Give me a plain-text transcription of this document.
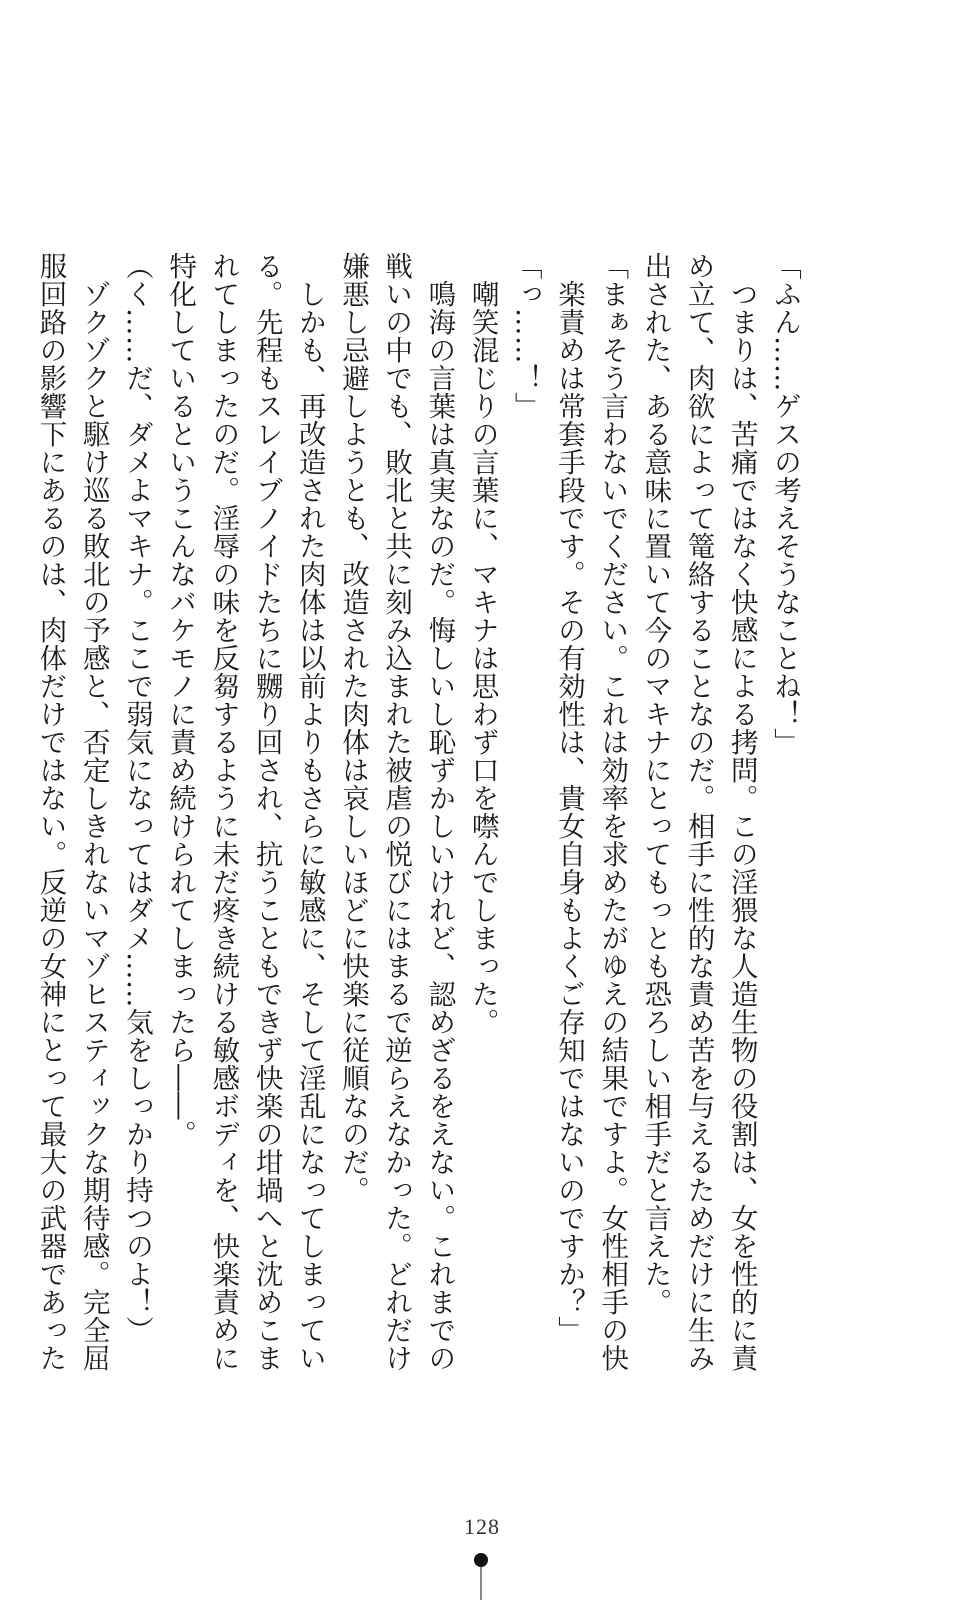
「ふん……ゲスの考えそうなことね！」
つまりは、苦痛ではなく快感による拷問。この淫猥な人造生物の役割は、女を性的に責
め立て、肉欲によって篭絡することなのだ。相手に性的な責め苦を与えるためだけに生み
出された、ある意味に置いて今のマキナにとってもっとも恐ろしい相手だと言えた。
「まぁそう言わないでください。これは効率を求めたがゆえの結果ですよ。女性相手の快
楽責めは常套手段です。その有効性は、貴女自身もよくご存知ではないのですか？」
「っ……！」
嘲笑混じりの言葉に、マキナは思わず口を噤んでしまった。
鳴海の言葉は真実なのだ。悔しいし恥ずかしいけれど、認めざるをえない。これまでの
戦いの中でも、敗北と共に刻み込まれた被虐の悦びにはまるで逆らえなかった。どれだけ
嫌悪し忌避しようとも、改造された肉体は哀しいほどに快楽に従順なのだ。
しかも、再改造された肉体は以前よりもさらに敏感に、そして淫乱になってしまってい
る。先程もスレイブノイドたちに嬲り回され、抗うこともできず快楽の坩堝へと沈めこま
れてしまったのだ。淫辱の味を反芻するように未だ疼き続ける敏感ボディを、快楽責めに
特化しているというこんなバケモノに責め続けられてしまったら――。
（く……だ、ダメよマキナ。ここで弱気になってはダメ……気をしっかり持つのよ！）
ゾクゾクと駆け巡る敗北の予感と、否定しきれないマゾヒスティックな期待感。完全屈
服回路の影響下にあるのは、肉体だけではない。反逆の女神にとって最大の武器であった
128
